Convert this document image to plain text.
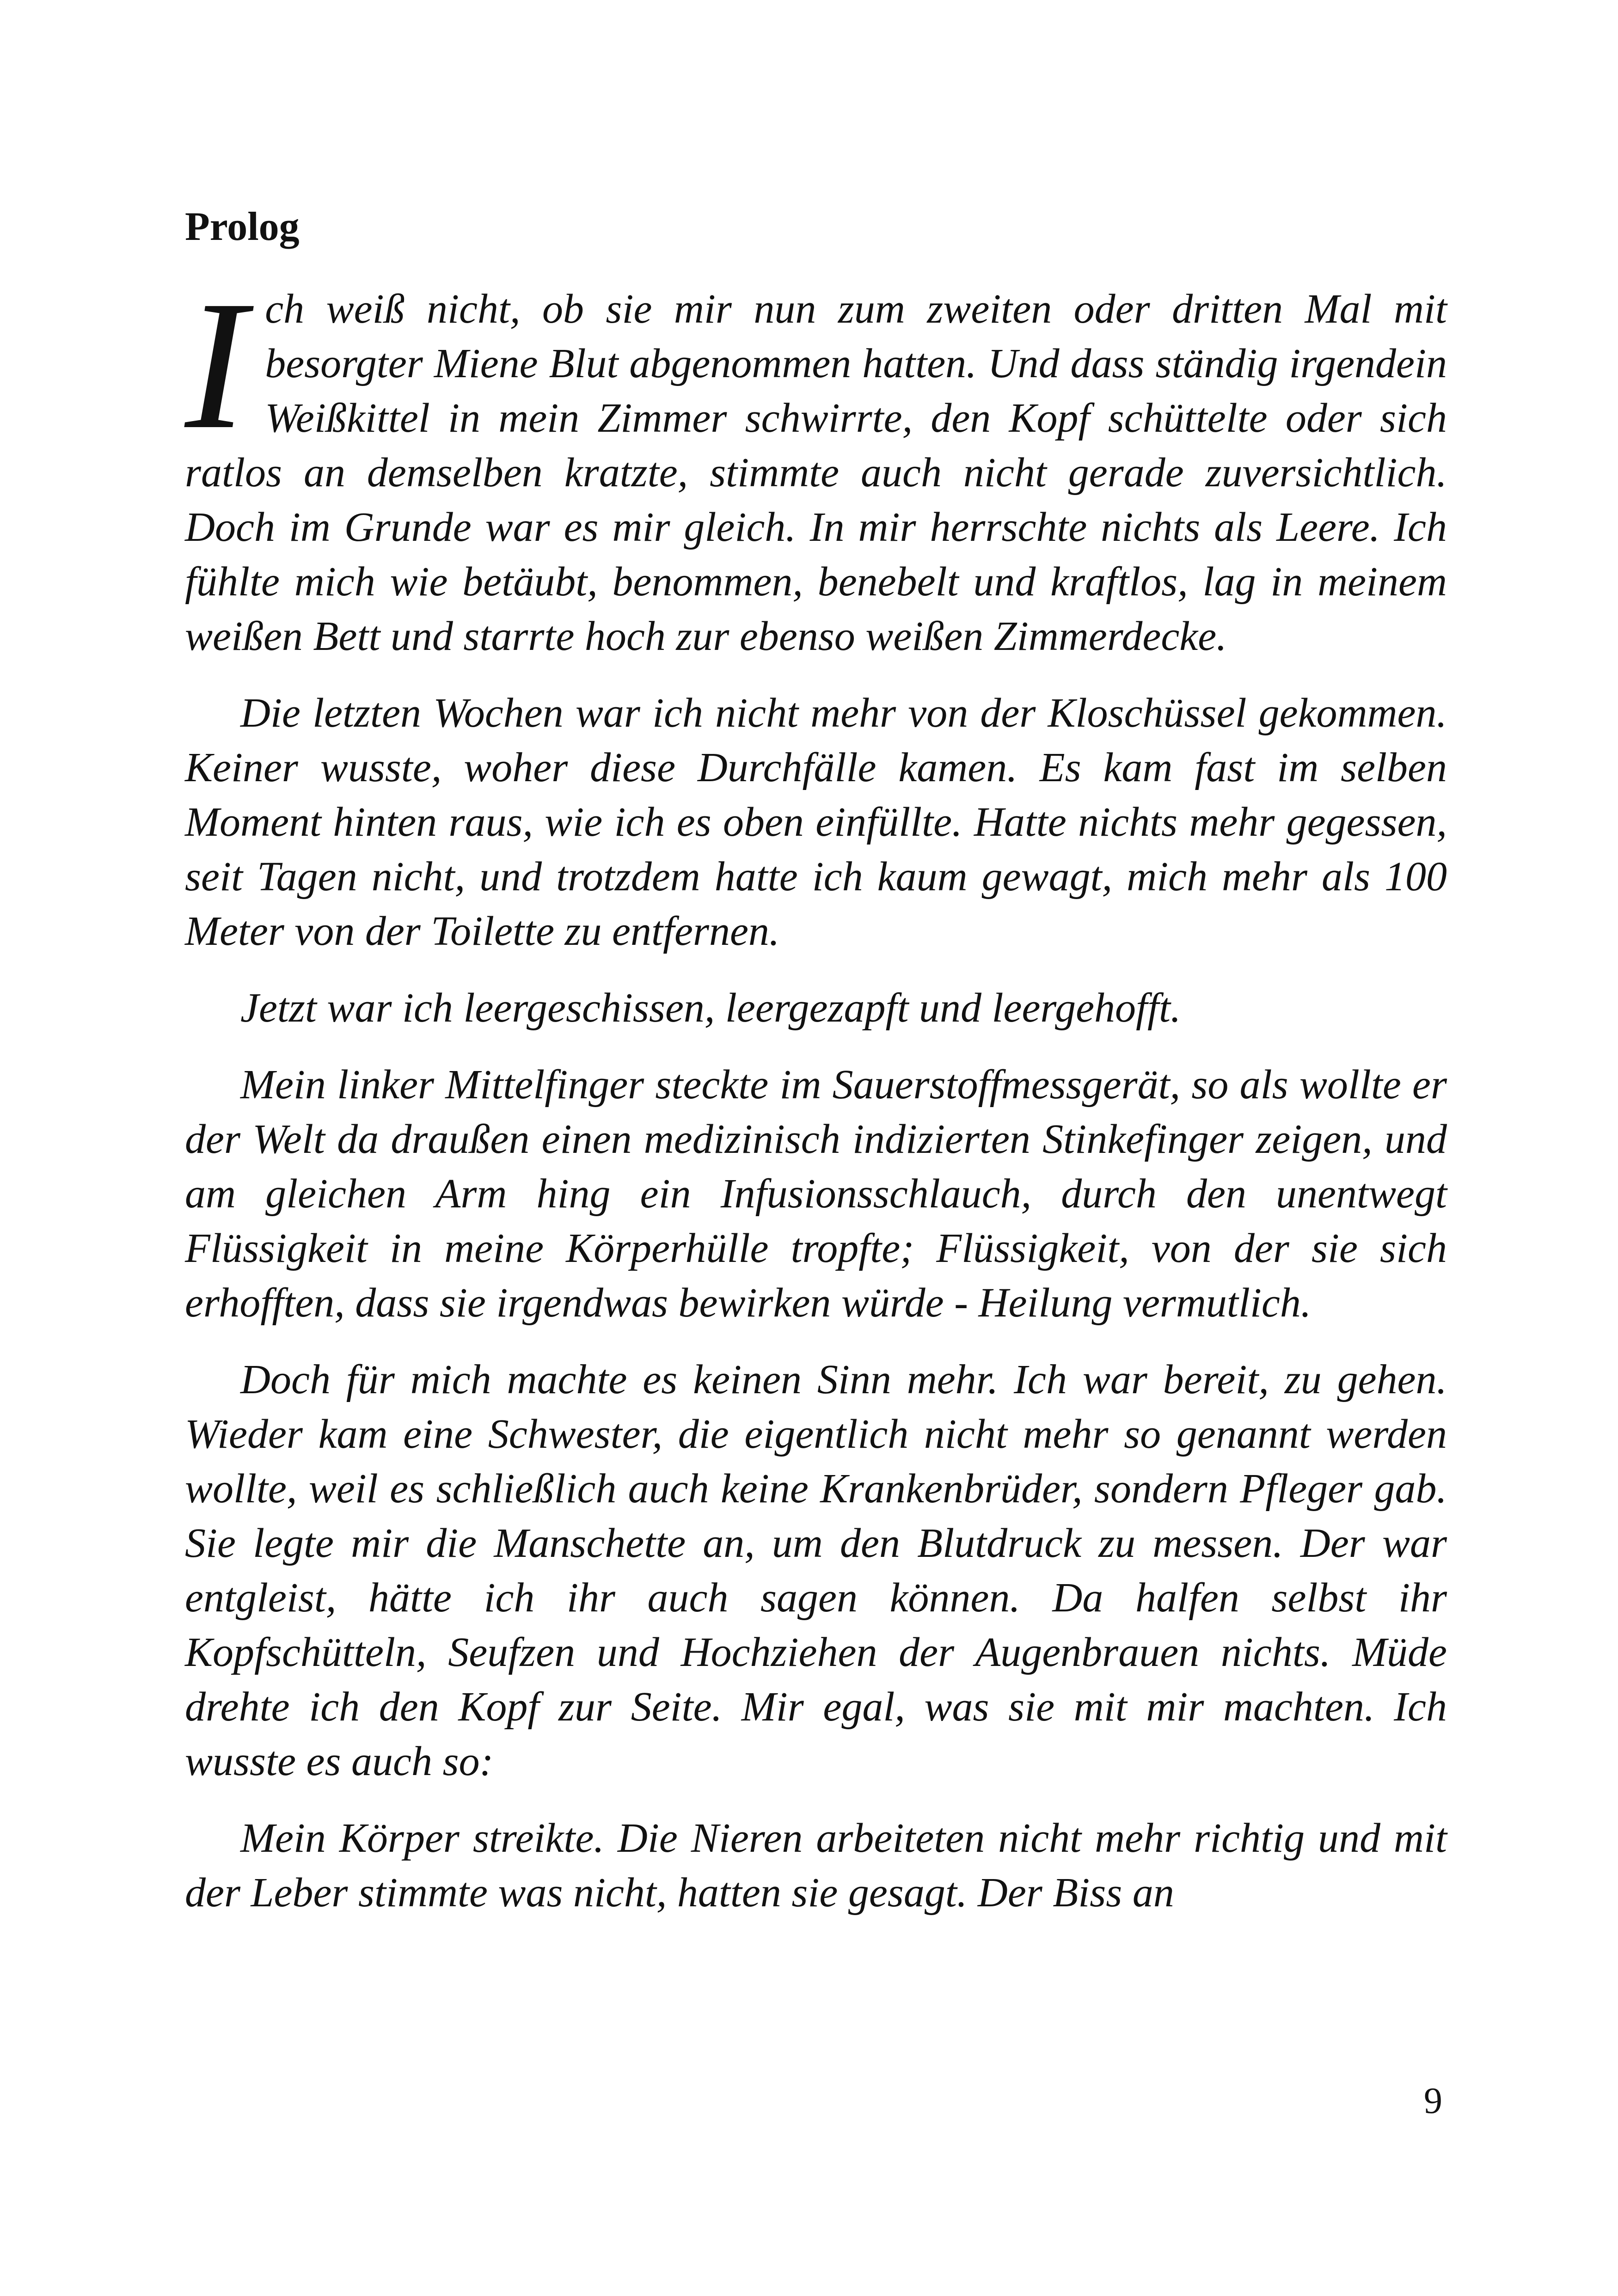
Prolog

Ich weiß nicht, ob sie mir nun zum zweiten oder dritten Mal mit besorgter Miene Blut abgenommen hatten. Und dass ständig irgendein Weißkittel in mein Zimmer schwirrte, den Kopf schüttelte oder sich ratlos an demselben kratzte, stimmte auch nicht gerade zuversichtlich. Doch im Grunde war es mir gleich. In mir herrschte nichts als Leere. Ich fühlte mich wie betäubt, benommen, benebelt und kraftlos, lag in meinem weißen Bett und starrte hoch zur ebenso weißen Zimmerdecke.

Die letzten Wochen war ich nicht mehr von der Kloschüssel gekommen. Keiner wusste, woher diese Durchfälle kamen. Es kam fast im selben Moment hinten raus, wie ich es oben einfüllte. Hatte nichts mehr gegessen, seit Tagen nicht, und trotzdem hatte ich kaum gewagt, mich mehr als 100 Meter von der Toilette zu entfernen.

Jetzt war ich leergeschissen, leergezapft und leergehofft.

Mein linker Mittelfinger steckte im Sauerstoffmessgerät, so als wollte er der Welt da draußen einen medizinisch indizierten Stinkefinger zeigen, und am gleichen Arm hing ein Infusionsschlauch, durch den unentwegt Flüssigkeit in meine Körperhülle tropfte; Flüssigkeit, von der sie sich erhofften, dass sie irgendwas bewirken würde - Heilung vermutlich.

Doch für mich machte es keinen Sinn mehr. Ich war bereit, zu gehen. Wieder kam eine Schwester, die eigentlich nicht mehr so genannt werden wollte, weil es schließlich auch keine Krankenbrüder, sondern Pfleger gab. Sie legte mir die Manschette an, um den Blutdruck zu messen. Der war entgleist, hätte ich ihr auch sagen können. Da halfen selbst ihr Kopfschütteln, Seufzen und Hochziehen der Augenbrauen nichts. Müde drehte ich den Kopf zur Seite. Mir egal, was sie mit mir machten. Ich wusste es auch so:

Mein Körper streikte. Die Nieren arbeiteten nicht mehr richtig und mit der Leber stimmte was nicht, hatten sie gesagt. Der Biss an

9
